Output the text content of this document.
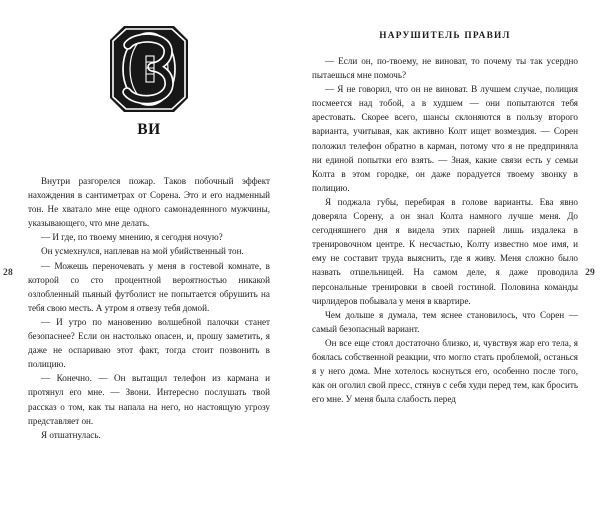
28

ВИ

Внутри разгорелся пожар. Таков побочный эффект нахождения в сантиметрах от Сорена. Это и его надменный тон. Не хватало мне еще одного самонадеянного мужчины, указывающего, что мне делать.

— И где, по твоему мнению, я сегодня ночую?

Он усмехнулся, наплевав на мой убийственный тон.

— Можешь переночевать у меня в гостевой комнате, в которой со сто процентной вероятностью никакой озлобленный пьяный футболист не попытается обрушить на тебя свою месть. А утром я отвезу тебя домой.

— И утро по мановению волшебной палочки станет безопаснее? Если он настолько опасен, и, прошу заметить, я даже не оспариваю этот факт, тогда стоит позвонить в полицию.

— Конечно. — Он вытащил телефон из кармана и протянул его мне. — Звони. Интересно послушать твой рассказ о том, как ты напала на него, но настоящую угрозу представляет он.

Я отшатнулась.

НАРУШИТЕЛЬ ПРАВИЛ

— Если он, по-твоему, не виноват, то почему ты так усердно пытаешься мне помочь?

— Я не говорил, что он не виноват. В лучшем случае, полиция посмеется над тобой, а в худшем — они попытаются тебя арестовать. Скорее всего, шансы склоняются в пользу второго варианта, учитывая, как активно Колт ищет возмездия. — Сорен положил телефон обратно в карман, потому что я не предприняла ни единой попытки его взять. — Зная, какие связи есть у семьи Колта в этом городке, он даже порадуется твоему звонку в полицию.

Я поджала губы, перебирая в голове варианты. Ева явно доверяла Сорену, а он знал Колта намного лучше меня. До сегодняшнего дня я видела этих парней лишь издалека в тренировочном центре. К несчастью, Колту известно мое имя, и ему не составит труда выяснить, где я живу. Меня сложно было назвать отшельницей. На самом деле, я даже проводила персональные тренировки в своей гостиной. Половина команды чирлидеров побывала у меня в квартире.

Чем дольше я думала, тем яснее становилось, что Сорен — самый безопасный вариант.

Он все еще стоял достаточно близко, и, чувствуя жар его тела, я боялась собственной реакции, что могло стать проблемой, останься я у него дома. Мне хотелось коснуться его, особенно после того, как он оголил свой пресс, стянув с себя худи перед тем, как бросить его мне. У меня была слабость перед

29
